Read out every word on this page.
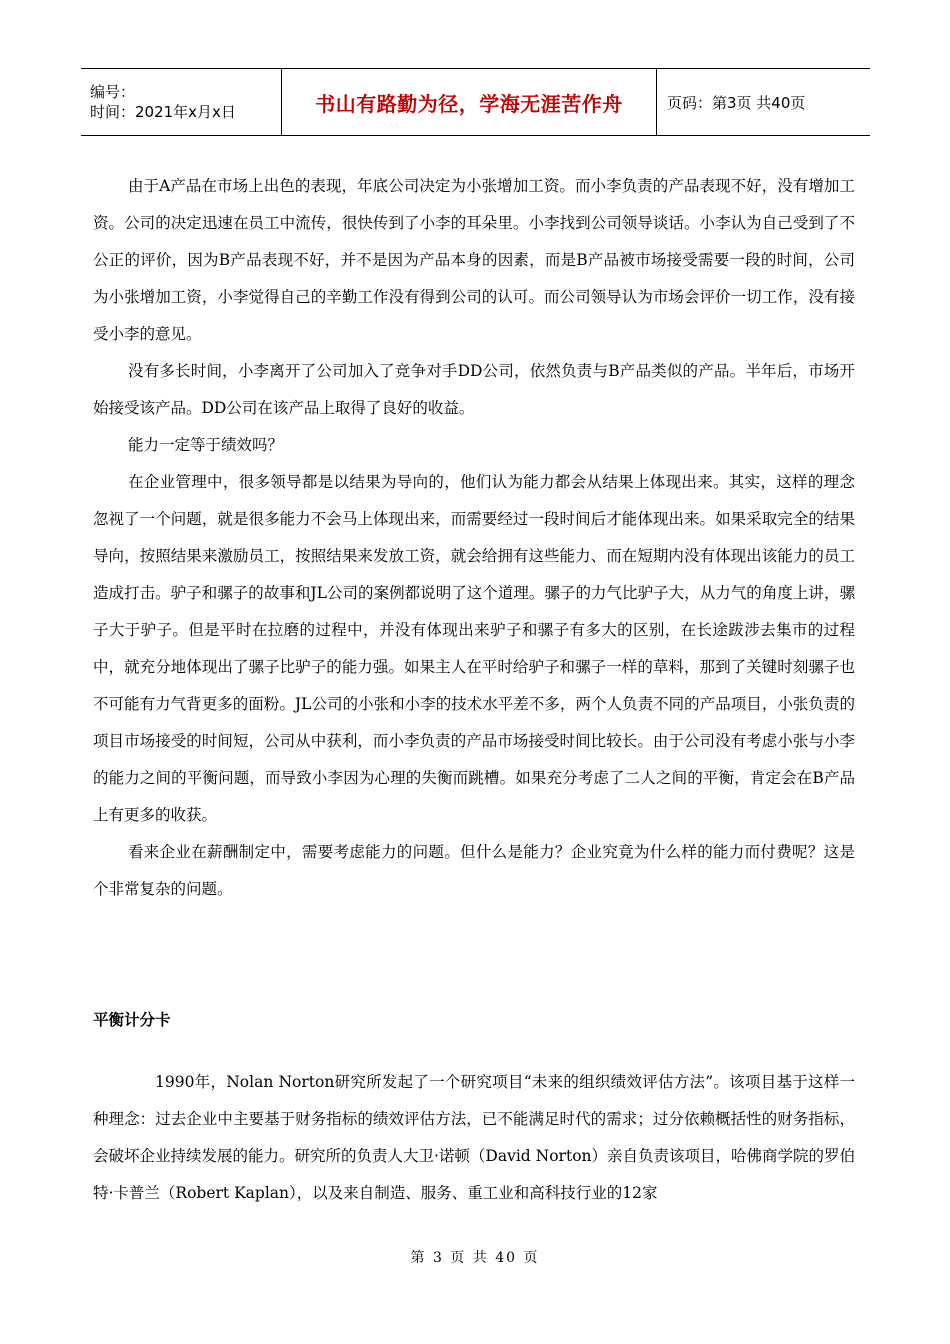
编号：
时间：2021年x月x日	书山有路勤为径，学海无涯苦作舟	页码：第3页 共40页

由于A产品在市场上出色的表现，年底公司决定为小张增加工资。而小李负责的产品表现不好，没有增加工资。公司的决定迅速在员工中流传，很快传到了小李的耳朵里。小李找到公司领导谈话。小李认为自己受到了不公正的评价，因为B产品表现不好，并不是因为产品本身的因素，而是B产品被市场接受需要一段的时间，公司为小张增加工资，小李觉得自己的辛勤工作没有得到公司的认可。而公司领导认为市场会评价一切工作，没有接受小李的意见。

没有多长时间，小李离开了公司加入了竞争对手DD公司，依然负责与B产品类似的产品。半年后，市场开始接受该产品。DD公司在该产品上取得了良好的收益。

能力一定等于绩效吗？

在企业管理中，很多领导都是以结果为导向的，他们认为能力都会从结果上体现出来。其实，这样的理念忽视了一个问题，就是很多能力不会马上体现出来，而需要经过一段时间后才能体现出来。如果采取完全的结果导向，按照结果来激励员工，按照结果来发放工资，就会给拥有这些能力、而在短期内没有体现出该能力的员工造成打击。驴子和骡子的故事和JL公司的案例都说明了这个道理。骡子的力气比驴子大，从力气的角度上讲，骡子大于驴子。但是平时在拉磨的过程中，并没有体现出来驴子和骡子有多大的区别，在长途跋涉去集市的过程中，就充分地体现出了骡子比驴子的能力强。如果主人在平时给驴子和骡子一样的草料，那到了关键时刻骡子也不可能有力气背更多的面粉。JL公司的小张和小李的技术水平差不多，两个人负责不同的产品项目，小张负责的项目市场接受的时间短，公司从中获利，而小李负责的产品市场接受时间比较长。由于公司没有考虑小张与小李的能力之间的平衡问题，而导致小李因为心理的失衡而跳槽。如果充分考虑了二人之间的平衡，肯定会在B产品上有更多的收获。

看来企业在薪酬制定中，需要考虑能力的问题。但什么是能力？企业究竟为什么样的能力而付费呢？这是个非常复杂的问题。

平衡计分卡

1990年，Nolan Norton研究所发起了一个研究项目“未来的组织绩效评估方法”。该项目基于这样一种理念：过去企业中主要基于财务指标的绩效评估方法，已不能满足时代的需求；过分依赖概括性的财务指标，会破坏企业持续发展的能力。研究所的负责人大卫·诺顿（David Norton）亲自负责该项目，哈佛商学院的罗伯特·卡普兰（Robert Kaplan），以及来自制造、服务、重工业和高科技行业的12家

第 3 页 共 40 页
